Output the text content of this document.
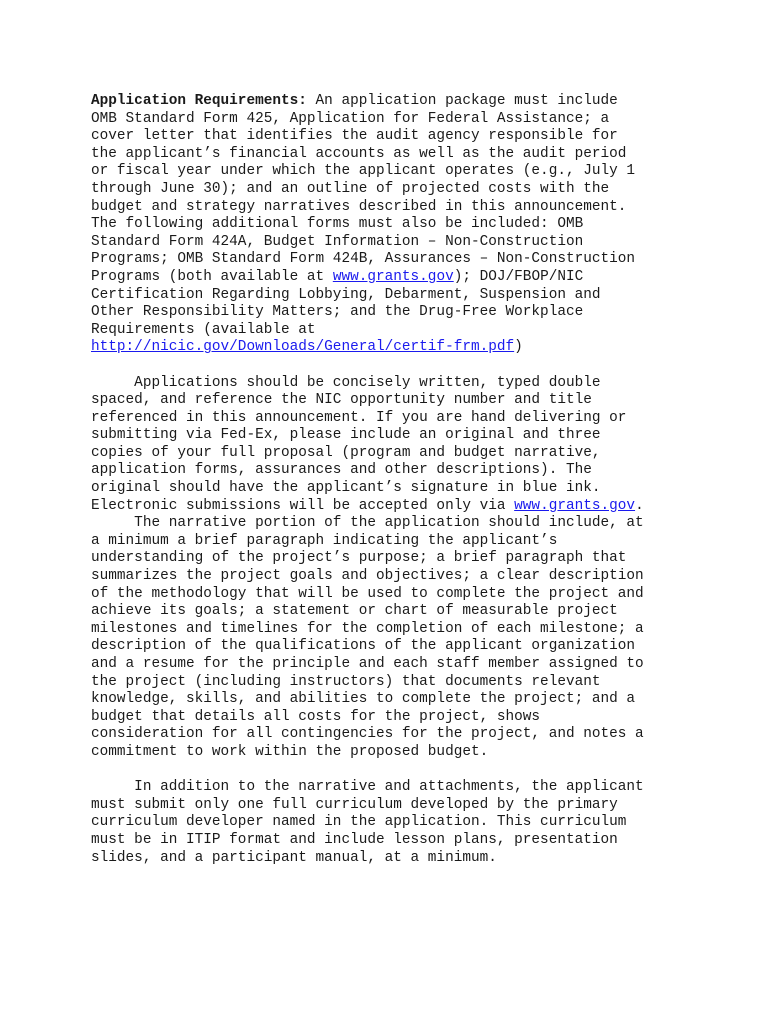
Application Requirements: An application package must include
OMB Standard Form 425, Application for Federal Assistance; a
cover letter that identifies the audit agency responsible for
the applicant’s financial accounts as well as the audit period
or fiscal year under which the applicant operates (e.g., July 1
through June 30); and an outline of projected costs with the
budget and strategy narratives described in this announcement.
The following additional forms must also be included: OMB
Standard Form 424A, Budget Information – Non-Construction
Programs; OMB Standard Form 424B, Assurances – Non-Construction
Programs (both available at www.grants.gov); DOJ/FBOP/NIC
Certification Regarding Lobbying, Debarment, Suspension and
Other Responsibility Matters; and the Drug-Free Workplace
Requirements (available at
http://nicic.gov/Downloads/General/certif-frm.pdf)
Applications should be concisely written, typed double
spaced, and reference the NIC opportunity number and title
referenced in this announcement. If you are hand delivering or
submitting via Fed-Ex, please include an original and three
copies of your full proposal (program and budget narrative,
application forms, assurances and other descriptions). The
original should have the applicant’s signature in blue ink.
Electronic submissions will be accepted only via www.grants.gov.
The narrative portion of the application should include, at
a minimum a brief paragraph indicating the applicant’s
understanding of the project’s purpose; a brief paragraph that
summarizes the project goals and objectives; a clear description
of the methodology that will be used to complete the project and
achieve its goals; a statement or chart of measurable project
milestones and timelines for the completion of each milestone; a
description of the qualifications of the applicant organization
and a resume for the principle and each staff member assigned to
the project (including instructors) that documents relevant
knowledge, skills, and abilities to complete the project; and a
budget that details all costs for the project, shows
consideration for all contingencies for the project, and notes a
commitment to work within the proposed budget.
In addition to the narrative and attachments, the applicant
must submit only one full curriculum developed by the primary
curriculum developer named in the application. This curriculum
must be in ITIP format and include lesson plans, presentation
slides, and a participant manual, at a minimum.
